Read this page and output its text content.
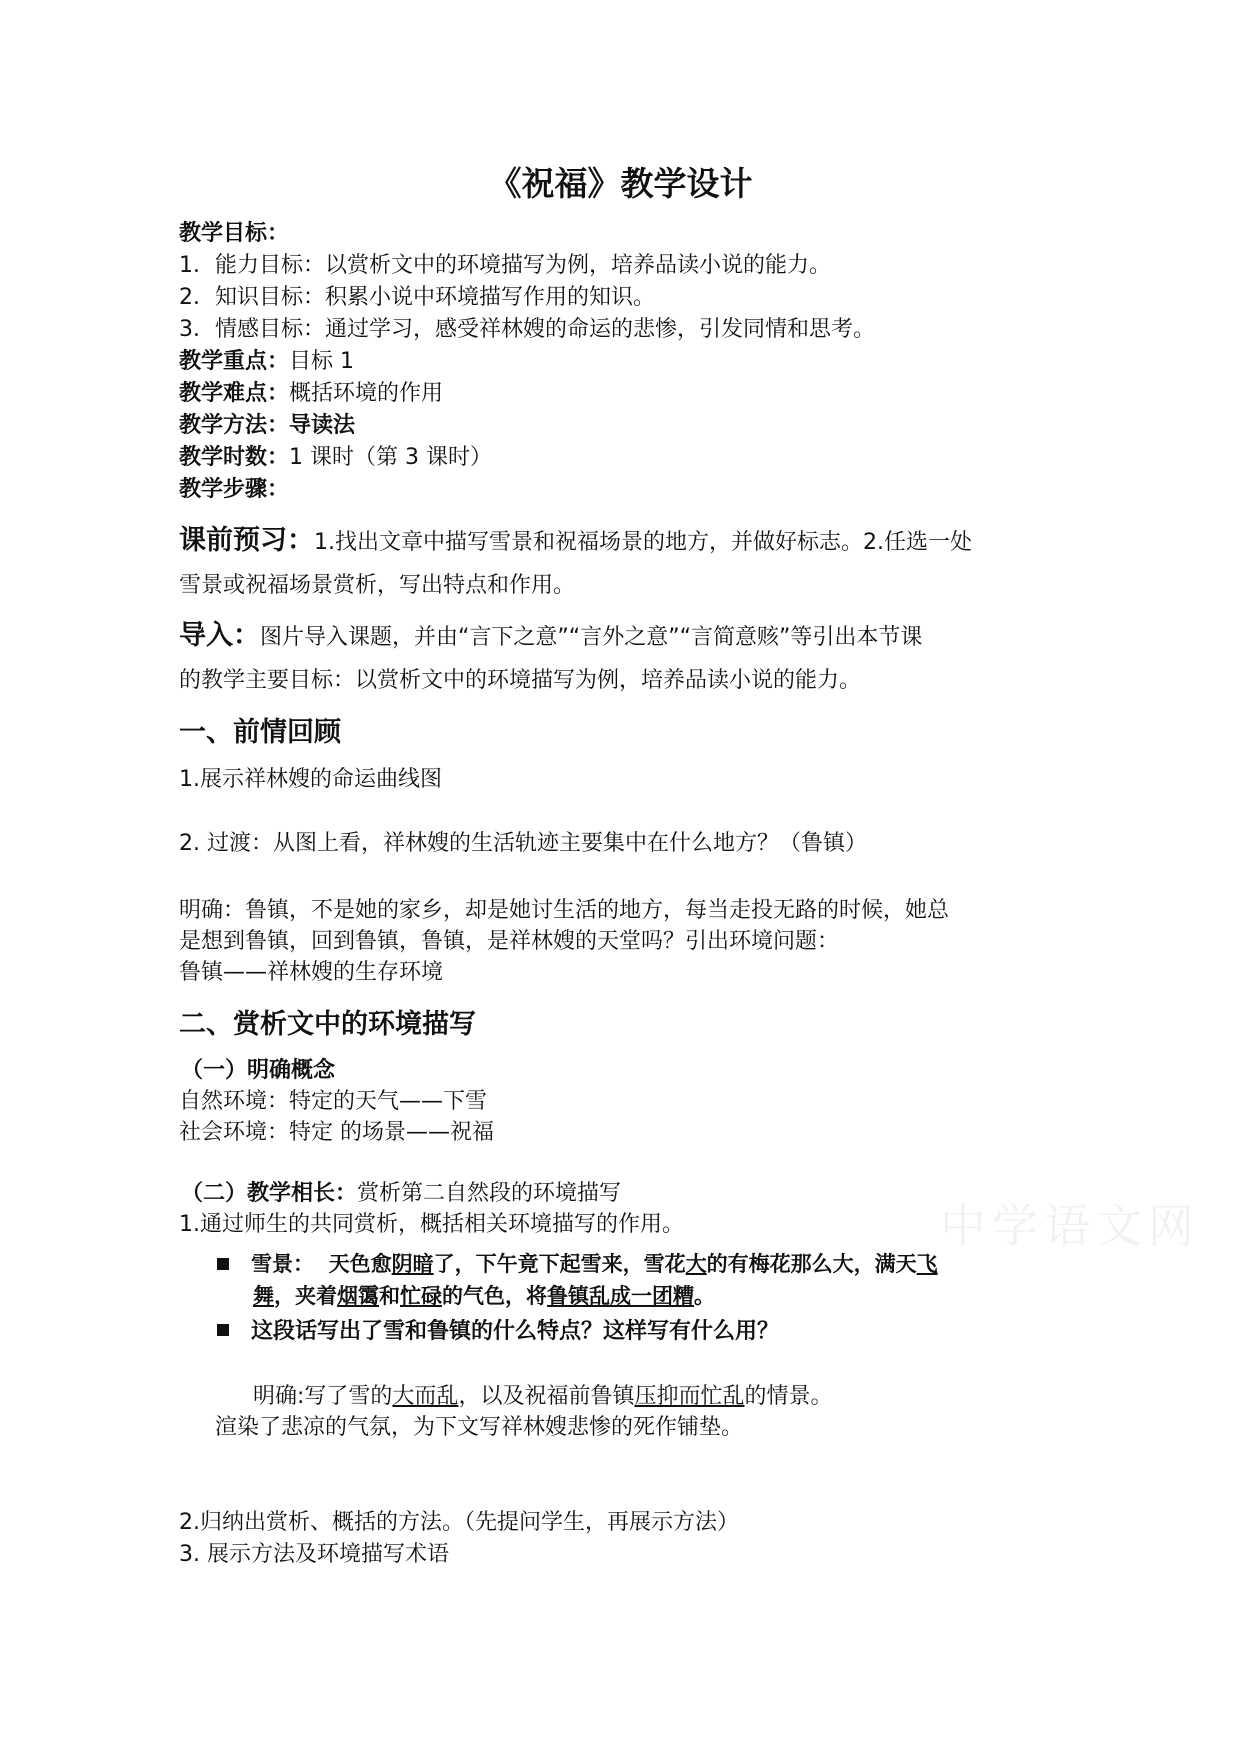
中学语文网
《祝福》教学设计
教学目标：
1．能力目标：以赏析文中的环境描写为例，培养品读小说的能力。
2．知识目标：积累小说中环境描写作用的知识。
3．情感目标：通过学习，感受祥林嫂的命运的悲惨，引发同情和思考。
教学重点：目标 1
教学难点：概括环境的作用
教学方法：导读法
教学时数：1 课时（第 3 课时）
教学步骤：
课前预习：1.找出文章中描写雪景和祝福场景的地方，并做好标志。2.任选一处
雪景或祝福场景赏析，写出特点和作用。
导入：图片导入课题，并由“言下之意”“言外之意”“言简意赅”等引出本节课
的教学主要目标：以赏析文中的环境描写为例，培养品读小说的能力。
一、前情回顾
1.展示祥林嫂的命运曲线图
2. 过渡：从图上看，祥林嫂的生活轨迹主要集中在什么地方？（鲁镇）
明确：鲁镇，不是她的家乡，却是她讨生活的地方，每当走投无路的时候，她总
是想到鲁镇，回到鲁镇，鲁镇，是祥林嫂的天堂吗？引出环境问题：
鲁镇——祥林嫂的生存环境
二、赏析文中的环境描写
（一）明确概念
自然环境：特定的天气——下雪
社会环境：特定 的场景——祝福
（二）教学相长：赏析第二自然段的环境描写
1.通过师生的共同赏析，概括相关环境描写的作用。
雪景： 天色愈阴暗了，下午竟下起雪来，雪花大的有梅花那么大，满天飞
舞，夹着烟霭和忙碌的气色，将鲁镇乱成一团糟。
这段话写出了雪和鲁镇的什么特点？这样写有什么用？
明确:写了雪的大而乱，以及祝福前鲁镇压抑而忙乱的情景。
渲染了悲凉的气氛，为下文写祥林嫂悲惨的死作铺垫。
2.归纳出赏析、概括的方法。（先提问学生，再展示方法）
3. 展示方法及环境描写术语
